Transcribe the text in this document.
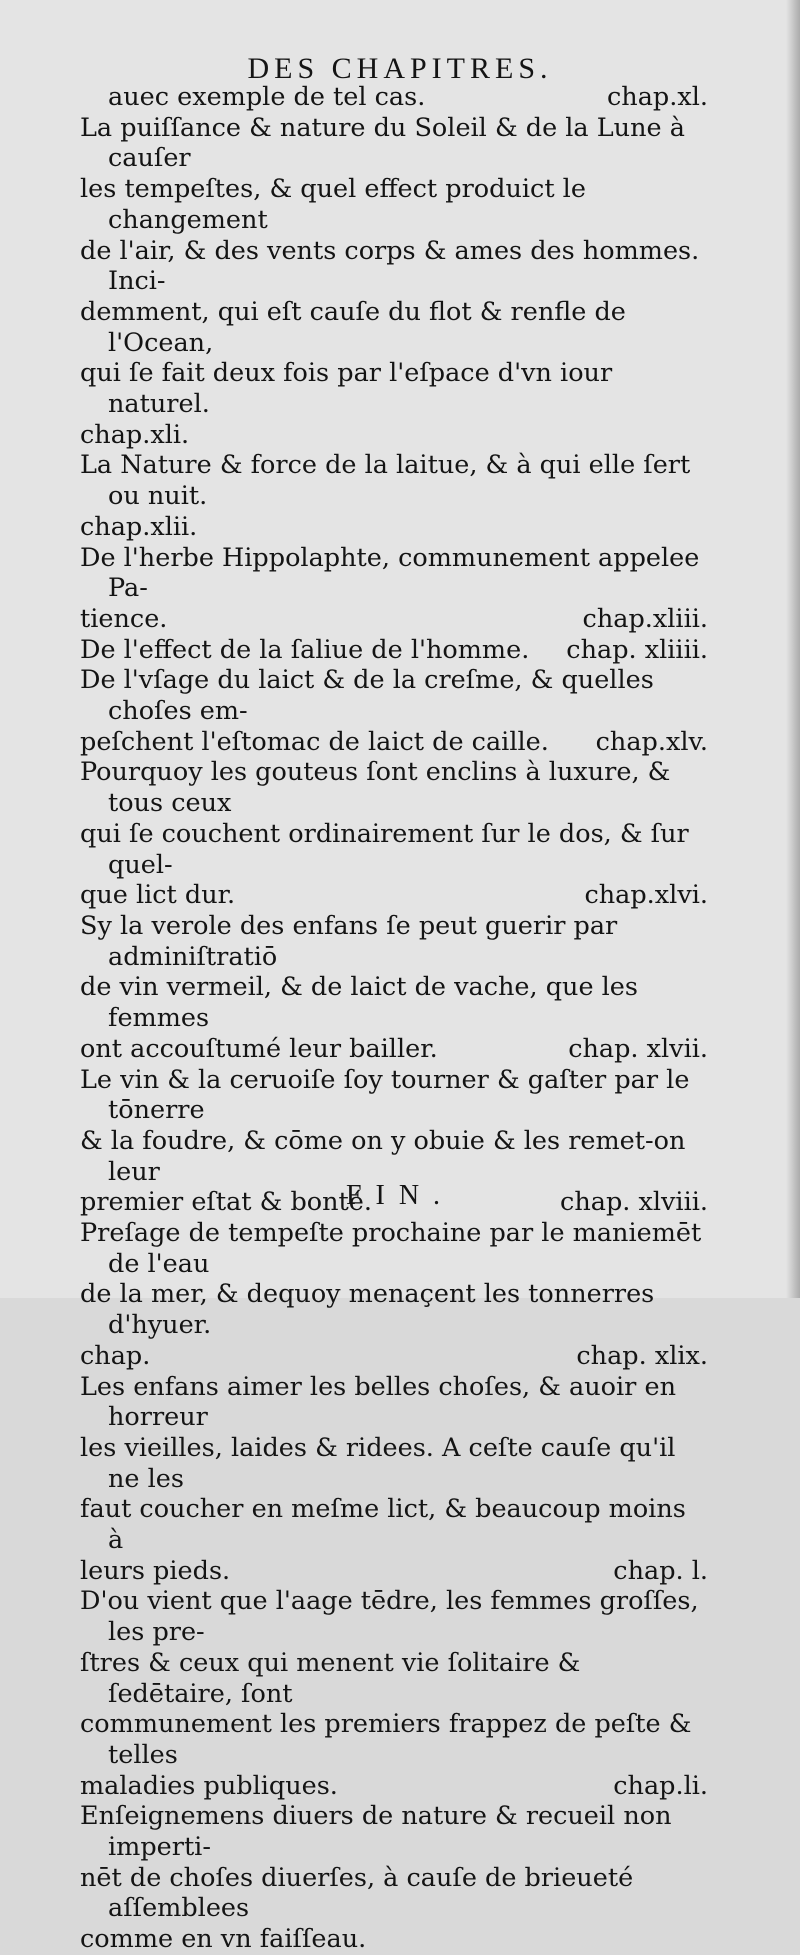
DES CHAPITRES.
chap.xl.
auec exemple de tel cas.
La puiſſance & nature du Soleil & de la Lune à cauſer
les tempeſtes, & quel effect produict le changement
de l'air, & des vents corps & ames des hommes. Inci-
demment, qui eſt cauſe du flot & renfle de l'Ocean,
qui ſe fait deux fois par l'eſpace d'vn iour naturel.
chap.xli.
La Nature & force de la laitue, & à qui elle ſert ou nuit.
chap.xlii.
De l'herbe Hippolaphte, communement appelee Pa-
chap.xliii.
tience.
chap. xliiii.
De l'effect de la ſaliue de l'homme.
De l'vſage du laict & de la creſme, & quelles choſes em-
chap.xlv.
peſchent l'eſtomac de laict de caille.
Pourquoy les gouteus ſont enclins à luxure, & tous ceux
qui ſe couchent ordinairement ſur le dos, & ſur quel-
chap.xlvi.
que lict dur.
Sy la verole des enfans ſe peut guerir par adminiſtratiō
de vin vermeil, & de laict de vache, que les femmes
chap. xlvii.
ont accouſtumé leur bailler.
Le vin & la ceruoiſe ſoy tourner & gaſter par le tōnerre
& la foudre, & cōme on y obuie & les remet-on leur
chap. xlviii.
premier eſtat & bonté.
Preſage de tempeſte prochaine par le maniemēt de l'eau
de la mer, & dequoy menaçent les tonnerres d'hyuer.
chap. xlix.
chap.
Les enfans aimer les belles choſes, & auoir en horreur
les vieilles, laides & ridees. A ceſte cauſe qu'il ne les
faut coucher en meſme lict, & beaucoup moins à
chap. l.
leurs pieds.
D'ou vient que l'aage tēdre, les femmes groſſes, les pre-
ſtres & ceux qui menent vie ſolitaire & ſedētaire, ſont
communement les premiers frappez de peſte & telles
chap.li.
maladies publiques.
Enſeignemens diuers de nature & recueil non imperti-
nēt de choſes diuerſes, à cauſe de brieueté aſſemblees
comme en vn faiſſeau.
FIN.
